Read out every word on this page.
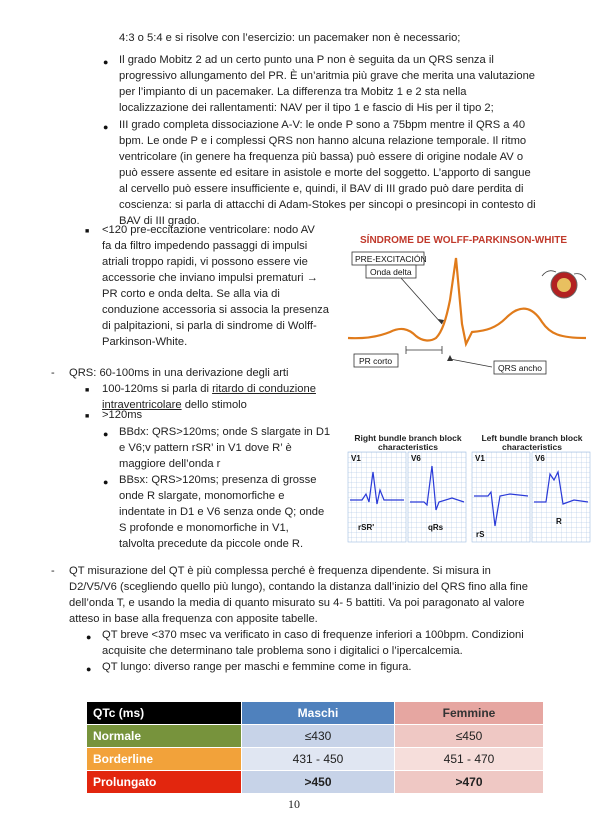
4:3 o 5:4 e si risolve con l’esercizio: un pacemaker non è necessario;
● Il grado Mobitz 2 ad un certo punto una P non è seguita da un QRS senza il
progressivo allungamento del PR. È un’aritmia più grave che merita una valutazione
per l’impianto di un pacemaker. La differenza tra Mobitz 1 e 2 sta nella
localizzazione dei rallentamenti: NAV per il tipo 1 e fascio di His per il tipo 2;
● III grado completa dissociazione A-V: le onde P sono a 75bpm mentre il QRS a 40
bpm. Le onde P e i complessi QRS non hanno alcuna relazione temporale. Il ritmo
ventricolare (in genere ha frequenza più bassa) può essere di origine nodale AV o
può essere assente ed esitare in asistole e morte del soggetto. L’apporto di sangue
al cervello può essere insufficiente e, quindi, il BAV di III grado può dare perdita di
coscienza: si parla di attacchi di Adam-Stokes per sincopi o presincopi in contesto di
BAV di III grado.
■ <120 pre-eccitazione ventricolare: nodo AV
fa da filtro impedendo passaggi di impulsi
atriali troppo rapidi, vi possono essere vie
accessorie che inviano impulsi prematuri →
PR corto e onda delta. Se alla via di
conduzione accessoria si associa la presenza
di palpitazioni, si parla di sindrome di Wolff-
Parkinson-White.
SÍNDROME DE WOLFF-PARKINSON-WHITE
PRE-EXCITACIÓN
Onda delta
PR corto
QRS ancho
- QRS: 60-100ms in una derivazione degli arti
■ 100-120ms si parla di ritardo di conduzione
intraventricolare dello stimolo
■ >120ms
● BBdx: QRS>120ms; onde S slargate in D1
e V6;v pattern rSR’ in V1 dove R’ è
maggiore dell’onda r
● BBsx: QRS>120ms; presenza di grosse
onde R slargate, monomorfiche e
indentate in D1 e V6 senza onde Q; onde
S profonde e monomorfiche in V1,
talvolta precedute da piccole onde R.
Right bundle branch block
characteristics
Left bundle branch block
characteristics
V1	V6	V1	V6
rSR'	qRs
rS
R
- QT misurazione del QT è più complessa perché è frequenza dipendente. Si misura in
D2/V5/V6 (scegliendo quello più lungo), contando la distanza dall’inizio del QRS fino alla fine
dell’onda T, e usando la media di quanto misurato su 4- 5 battiti. Va poi paragonato al valore
atteso in base alla frequenza con apposite tabelle.
● QT breve <370 msec va verificato in caso di frequenze inferiori a 100bpm. Condizioni
acquisite che determinano tale problema sono i digitalici o l’ipercalcemia.
● QT lungo: diverso range per maschi e femmine come in figura.
QTc (ms)	Maschi	Femmine
Normale	≤430	≤450
Borderline	431 - 450	451 - 470
Prolungato	>450	>470
10
